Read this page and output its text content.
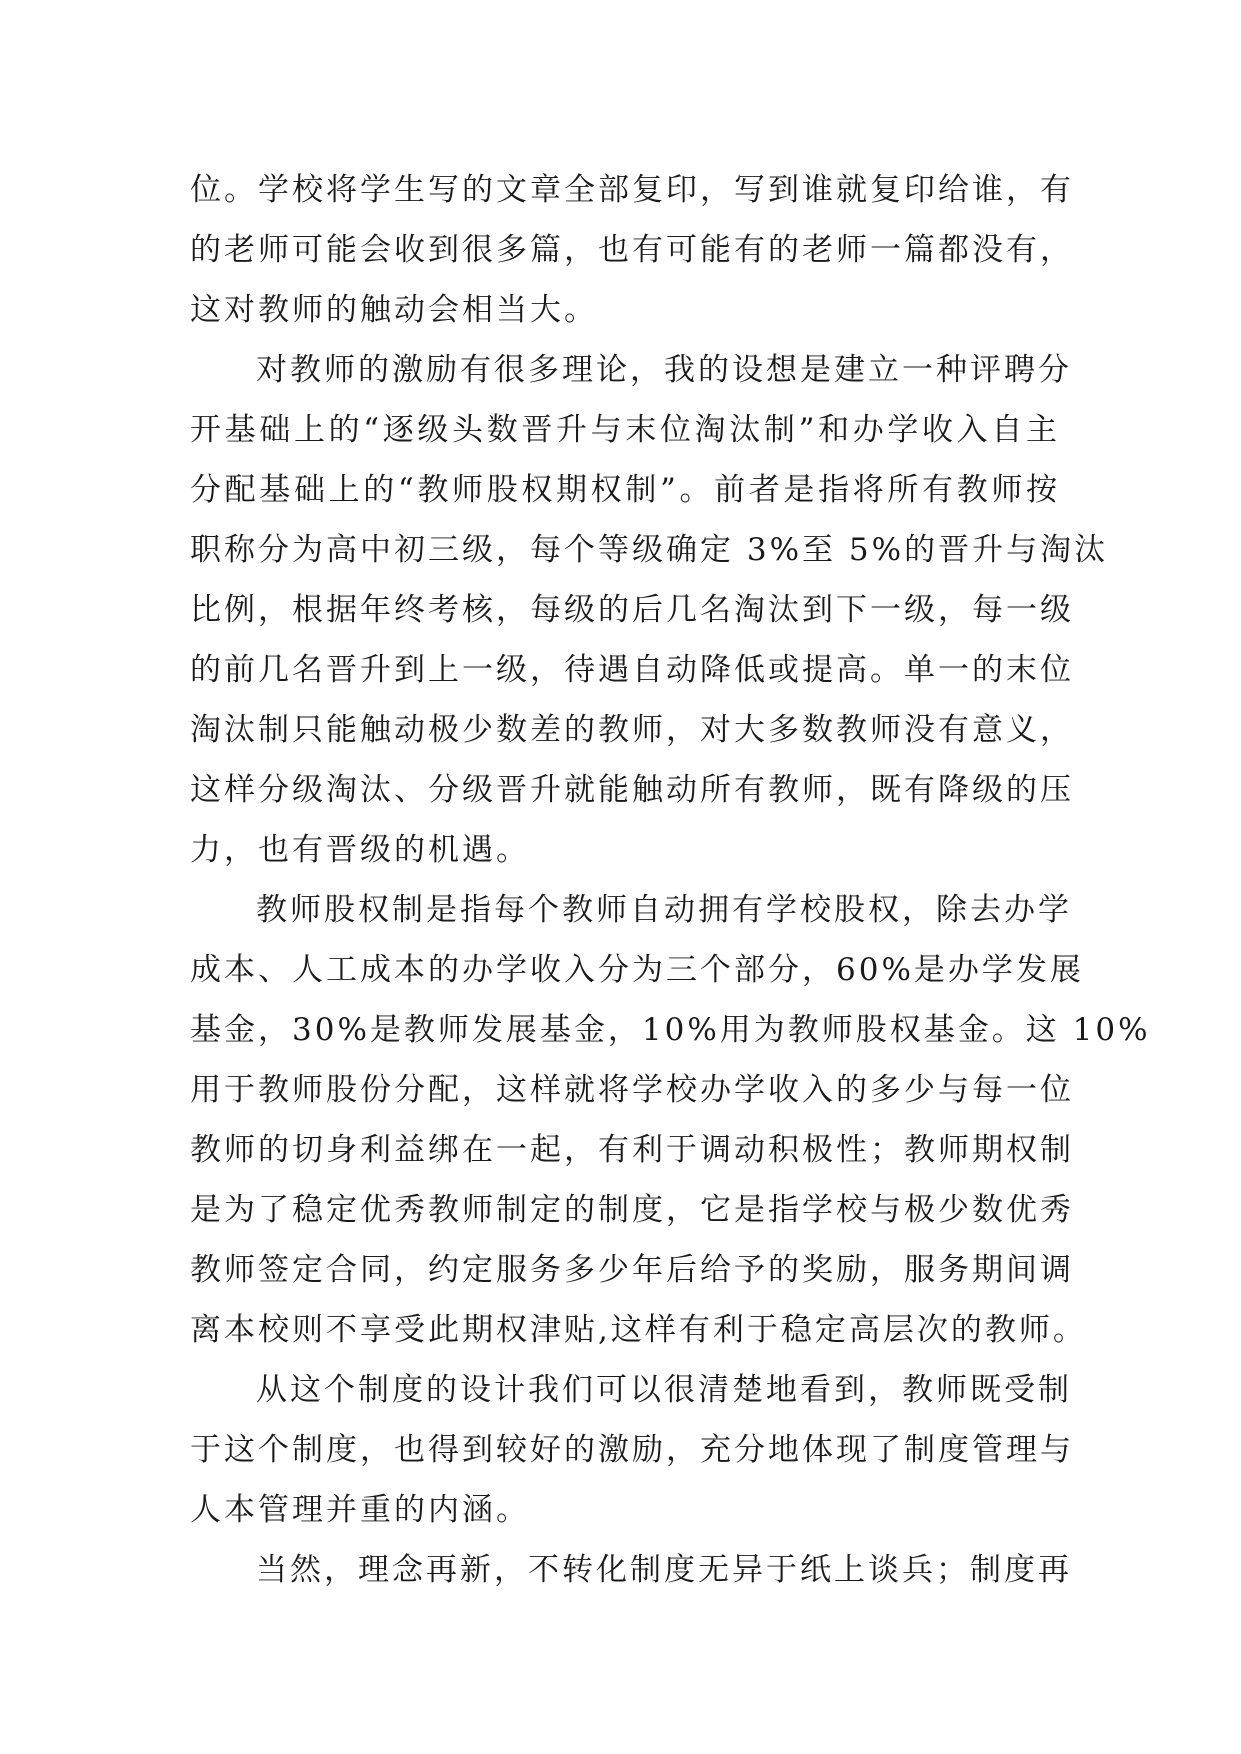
位。学校将学生写的文章全部复印，写到谁就复印给谁，有
的老师可能会收到很多篇，也有可能有的老师一篇都没有，
这对教师的触动会相当大。
对教师的激励有很多理论，我的设想是建立一种评聘分
开基础上的“逐级头数晋升与末位淘汰制”和办学收入自主
分配基础上的“教师股权期权制”。前者是指将所有教师按
职称分为高中初三级，每个等级确定 3%至 5%的晋升与淘汰
比例，根据年终考核，每级的后几名淘汰到下一级，每一级
的前几名晋升到上一级，待遇自动降低或提高。单一的末位
淘汰制只能触动极少数差的教师，对大多数教师没有意义，
这样分级淘汰、分级晋升就能触动所有教师，既有降级的压
力，也有晋级的机遇。
教师股权制是指每个教师自动拥有学校股权，除去办学
成本、人工成本的办学收入分为三个部分，60%是办学发展
基金，30%是教师发展基金，10%用为教师股权基金。这 10%
用于教师股份分配，这样就将学校办学收入的多少与每一位
教师的切身利益绑在一起，有利于调动积极性；教师期权制
是为了稳定优秀教师制定的制度，它是指学校与极少数优秀
教师签定合同，约定服务多少年后给予的奖励，服务期间调
离本校则不享受此期权津贴,这样有利于稳定高层次的教师。
从这个制度的设计我们可以很清楚地看到，教师既受制
于这个制度，也得到较好的激励，充分地体现了制度管理与
人本管理并重的内涵。
当然，理念再新，不转化制度无异于纸上谈兵；制度再
